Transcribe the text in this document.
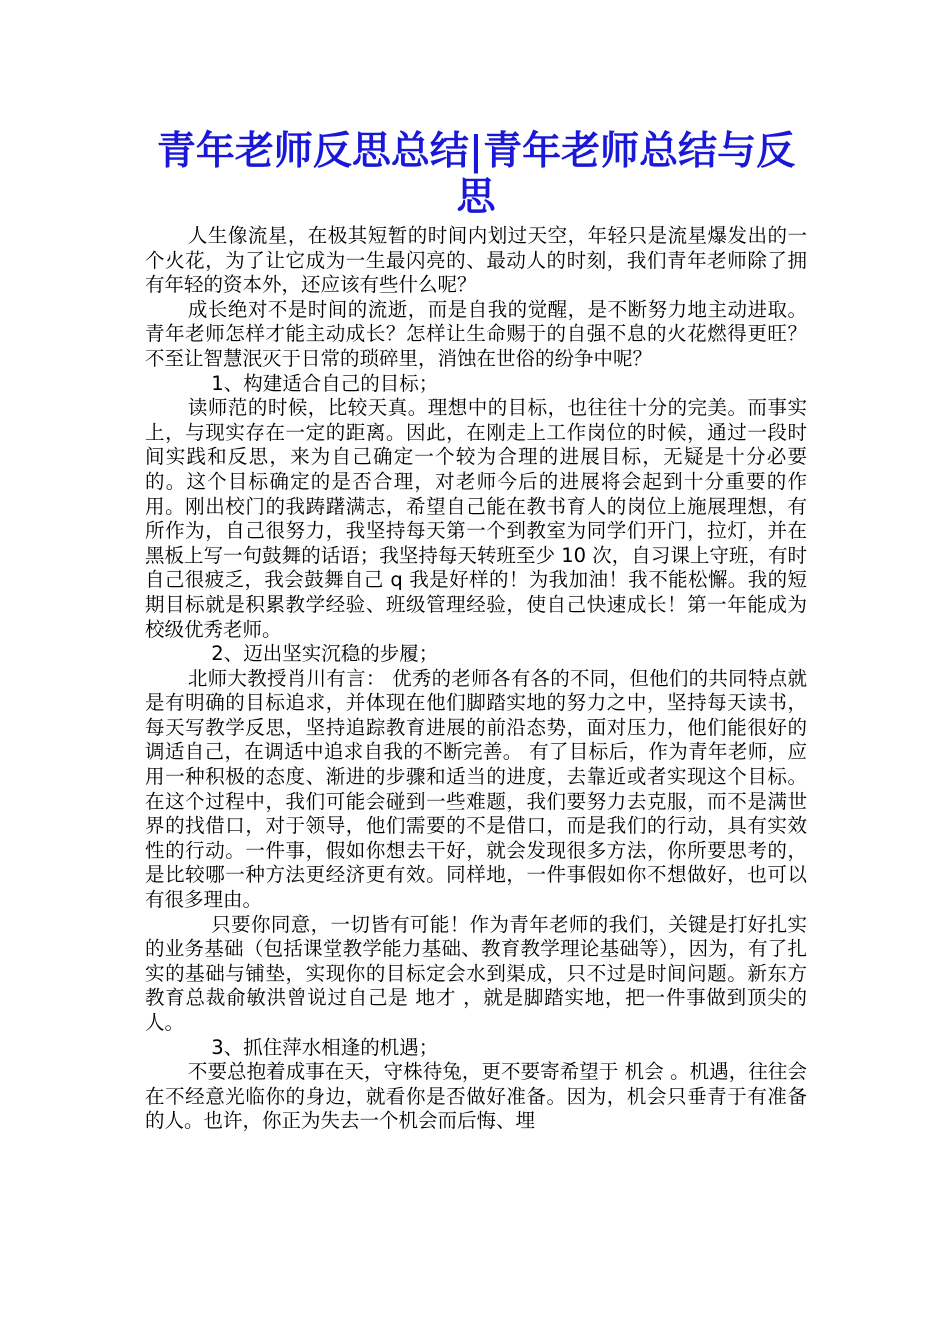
青年老师反思总结|青年老师总结与反思

人生像流星，在极其短暂的时间内划过天空，年轻只是流星爆发出的一个火花，为了让它成为一生最闪亮的、最动人的时刻，我们青年老师除了拥有年轻的资本外，还应该有些什么呢？

成长绝对不是时间的流逝，而是自我的觉醒，是不断努力地主动进取。青年老师怎样才能主动成长？怎样让生命赐于的自强不息的火花燃得更旺？不至让智慧泯灭于日常的琐碎里，消蚀在世俗的纷争中呢？

1、构建适合自己的目标；

读师范的时候，比较天真。理想中的目标，也往往十分的完美。而事实上，与现实存在一定的距离。因此，在刚走上工作岗位的时候，通过一段时间实践和反思，来为自己确定一个较为合理的进展目标，无疑是十分必要的。这个目标确定的是否合理，对老师今后的进展将会起到十分重要的作用。刚出校门的我踌躇满志，希望自己能在教书育人的岗位上施展理想，有所作为，自己很努力，我坚持每天第一个到教室为同学们开门，拉灯，并在黑板上写一句鼓舞的话语；我坚持每天转班至少 10 次，自习课上守班，有时自己很疲乏，我会鼓舞自己 q 我是好样的！为我加油！我不能松懈。我的短期目标就是积累教学经验、班级管理经验，使自己快速成长！第一年能成为校级优秀老师。

2、迈出坚实沉稳的步履；

北师大教授肖川有言： 优秀的老师各有各的不同，但他们的共同特点就是有明确的目标追求，并体现在他们脚踏实地的努力之中，坚持每天读书，每天写教学反思，坚持追踪教育进展的前沿态势，面对压力，他们能很好的调适自己，在调适中追求自我的不断完善。 有了目标后，作为青年老师，应用一种积极的态度、渐进的步骤和适当的进度，去靠近或者实现这个目标。在这个过程中，我们可能会碰到一些难题，我们要努力去克服，而不是满世界的找借口，对于领导，他们需要的不是借口，而是我们的行动，具有实效性的行动。一件事，假如你想去干好，就会发现很多方法，你所要思考的，是比较哪一种方法更经济更有效。同样地，一件事假如你不想做好，也可以有很多理由。

只要你同意，一切皆有可能！作为青年老师的我们，关键是打好扎实的业务基础（包括课堂教学能力基础、教育教学理论基础等），因为，有了扎实的基础与铺垫，实现你的目标定会水到渠成，只不过是时间问题。新东方教育总裁俞敏洪曾说过自己是 地才 ，就是脚踏实地，把一件事做到顶尖的人。

3、抓住萍水相逢的机遇；

不要总抱着成事在天，守株待兔，更不要寄希望于 机会 。机遇，往往会在不经意光临你的身边，就看你是否做好准备。因为，机会只垂青于有准备的人。也许，你正为失去一个机会而后悔、埋
